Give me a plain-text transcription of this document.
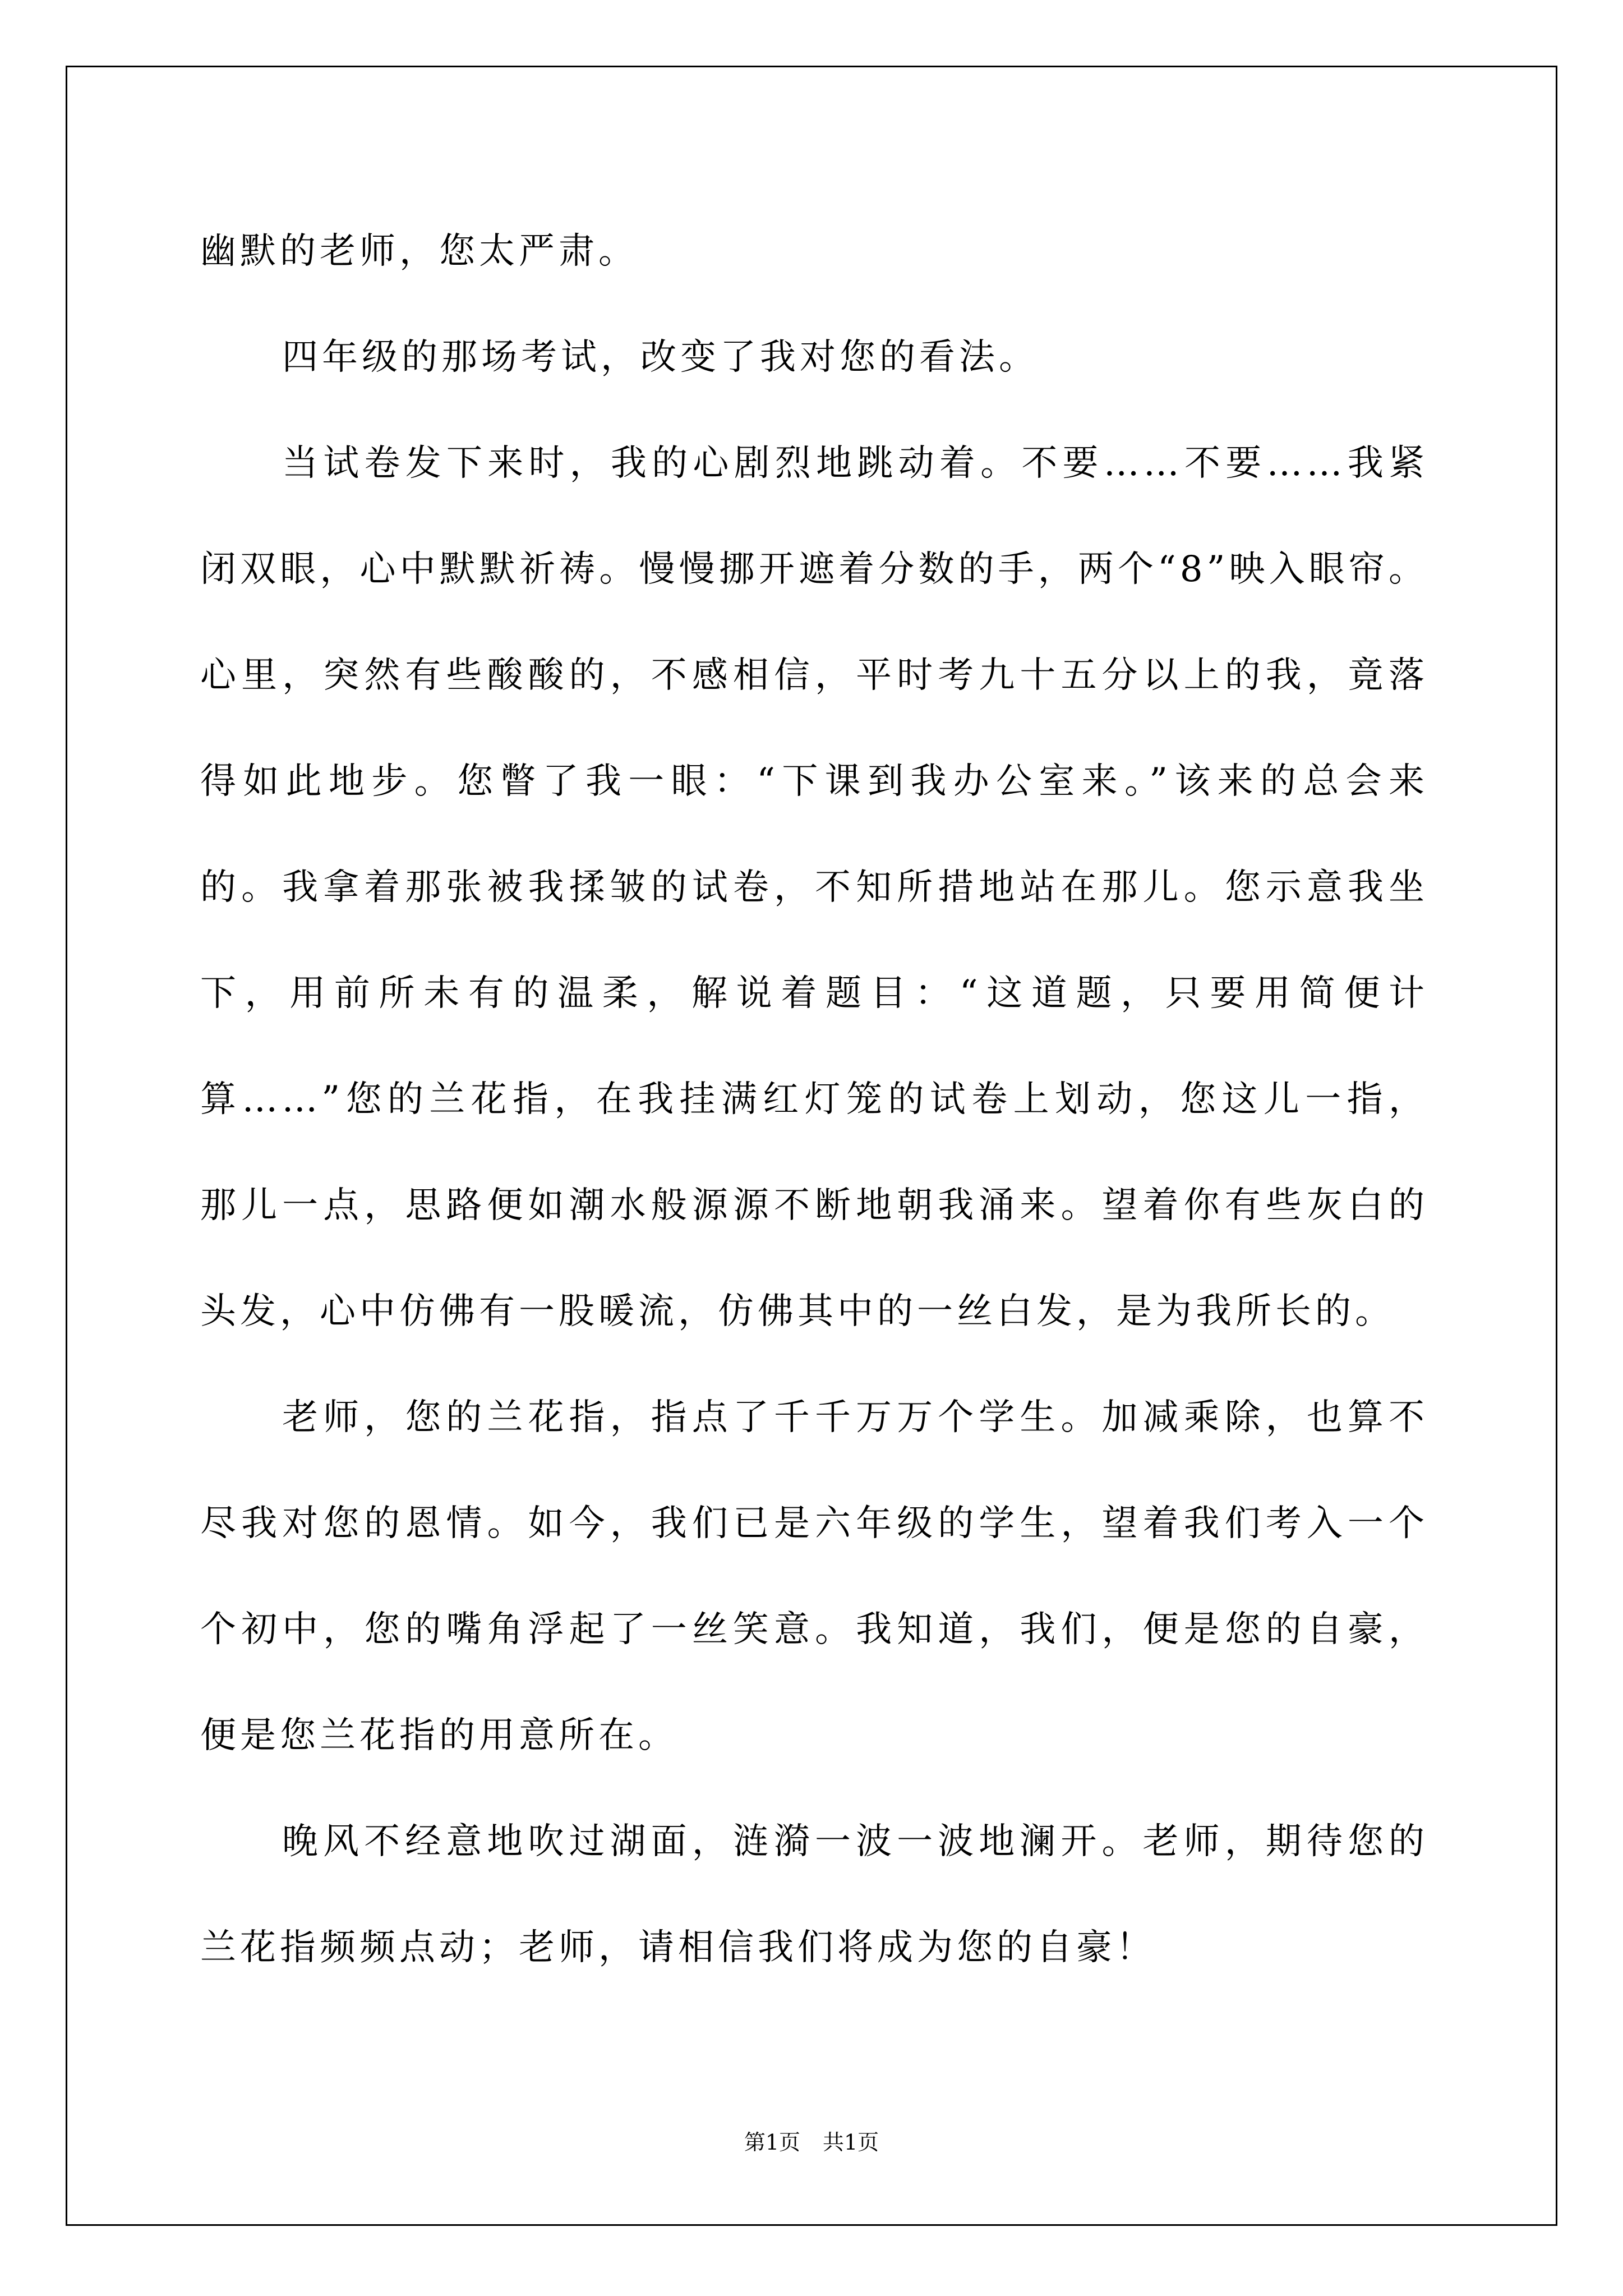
幽默的老师，您太严肃。
四年级的那场考试，改变了我对您的看法。
当试卷发下来时，我的心剧烈地跳动着。不要……不要……我紧
闭双眼，心中默默祈祷。慢慢挪开遮着分数的手，两个“8”映入眼帘。
心里，突然有些酸酸的，不感相信，平时考九十五分以上的我，竟落
得如此地步。您瞥了我一眼：“下课到我办公室来。”该来的总会来
的。我拿着那张被我揉皱的试卷，不知所措地站在那儿。您示意我坐
下，用前所未有的温柔，解说着题目：“这道题，只要用简便计
算……”您的兰花指，在我挂满红灯笼的试卷上划动，您这儿一指，
那儿一点，思路便如潮水般源源不断地朝我涌来。望着你有些灰白的
头发，心中仿佛有一股暖流，仿佛其中的一丝白发，是为我所长的。
老师，您的兰花指，指点了千千万万个学生。加减乘除，也算不
尽我对您的恩情。如今，我们已是六年级的学生，望着我们考入一个
个初中，您的嘴角浮起了一丝笑意。我知道，我们，便是您的自豪，
便是您兰花指的用意所在。
晚风不经意地吹过湖面，涟漪一波一波地澜开。老师，期待您的
兰花指频频点动；老师，请相信我们将成为您的自豪！
第1页 共1页
